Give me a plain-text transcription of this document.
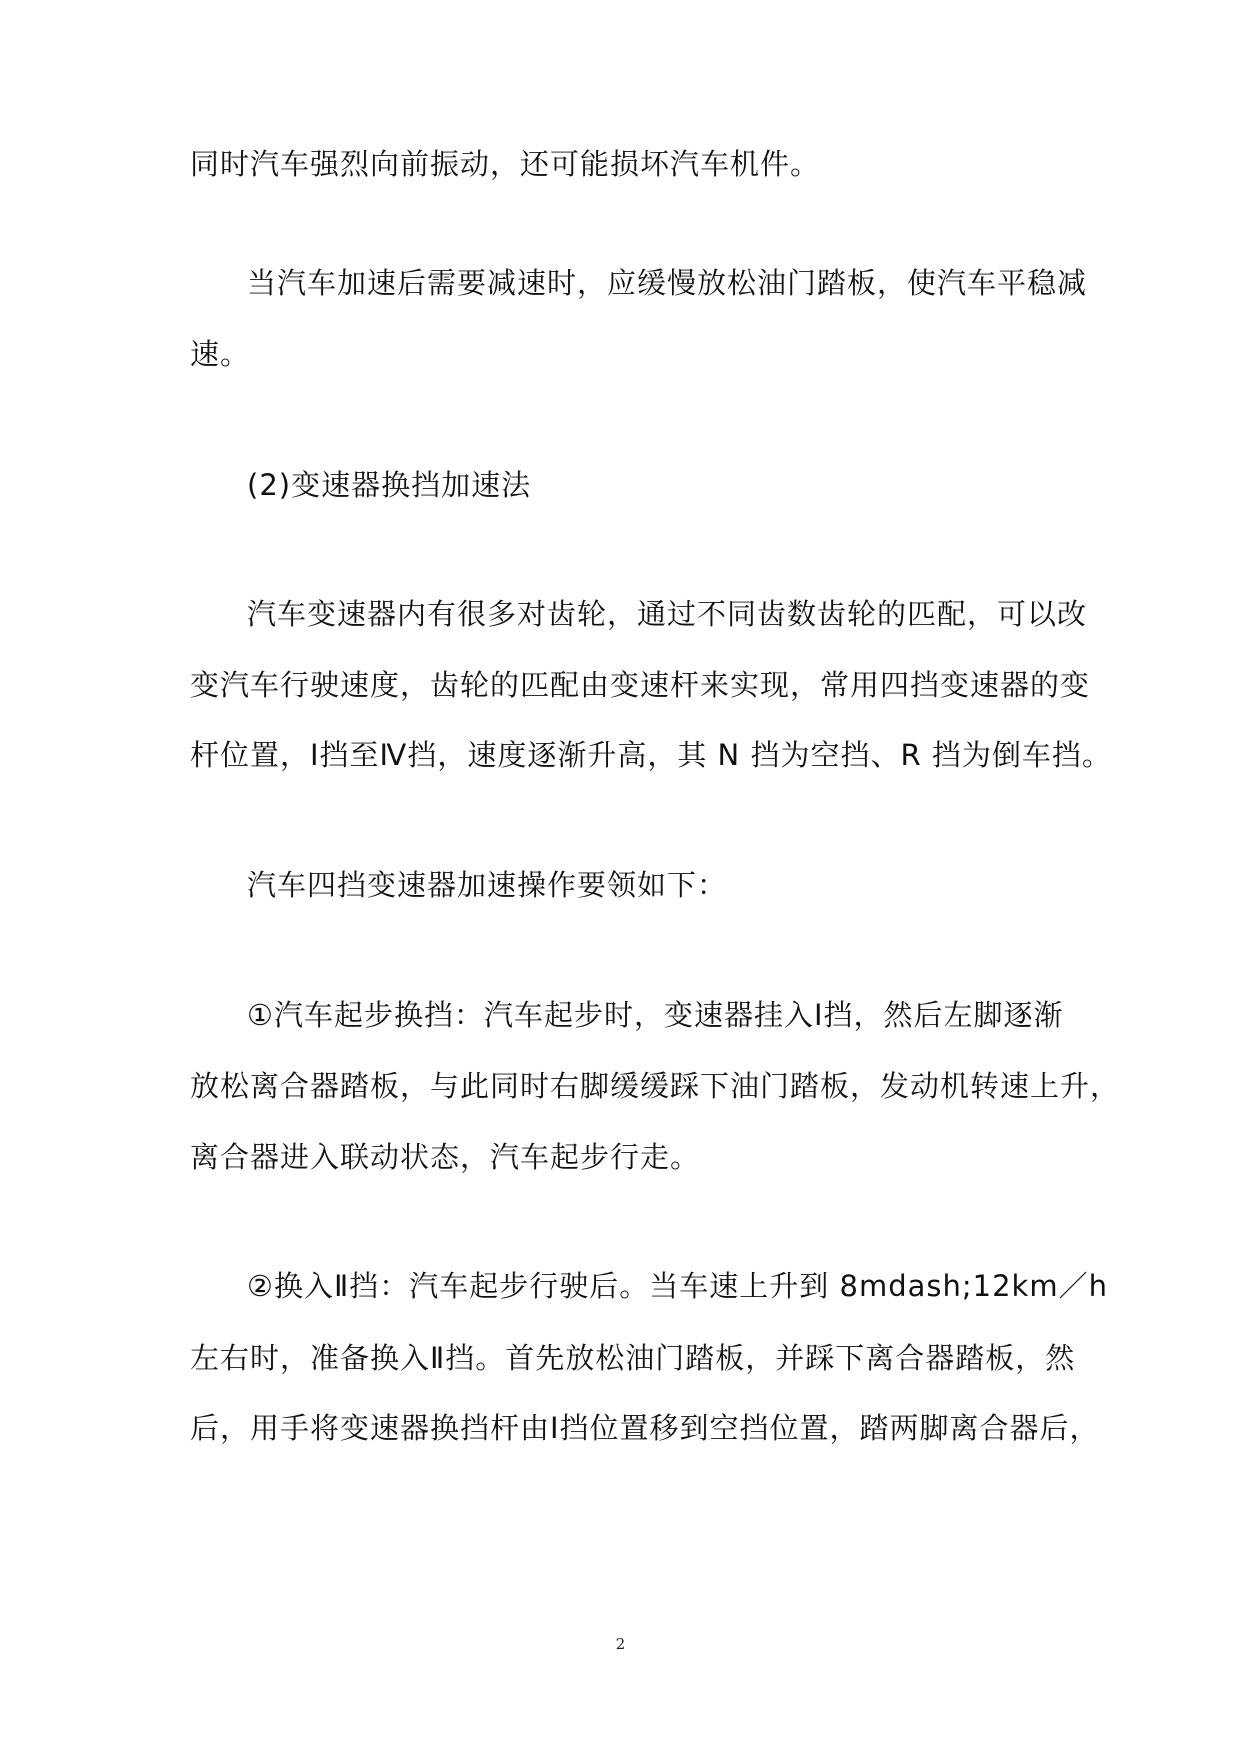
同时汽车强烈向前振动，还可能损坏汽车机件。
当汽车加速后需要减速时，应缓慢放松油门踏板，使汽车平稳减
速。
(2)变速器换挡加速法
汽车变速器内有很多对齿轮，通过不同齿数齿轮的匹配，可以改
变汽车行驶速度，齿轮的匹配由变速杆来实现，常用四挡变速器的变
杆位置，Ⅰ挡至Ⅳ挡，速度逐渐升高，其 N 挡为空挡、R 挡为倒车挡。
汽车四挡变速器加速操作要领如下：
①汽车起步换挡：汽车起步时，变速器挂入Ⅰ挡，然后左脚逐渐
放松离合器踏板，与此同时右脚缓缓踩下油门踏板，发动机转速上升，
离合器进入联动状态，汽车起步行走。
②换入Ⅱ挡：汽车起步行驶后。当车速上升到 8mdash;12km／h
左右时，准备换入Ⅱ挡。首先放松油门踏板，并踩下离合器踏板，然
后，用手将变速器换挡杆由Ⅰ挡位置移到空挡位置，踏两脚离合器后，
2
